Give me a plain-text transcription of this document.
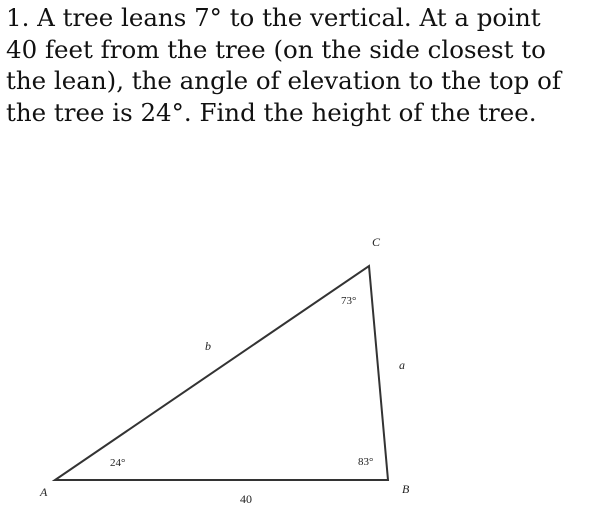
1. A tree leans 7° to the vertical. At a point
40 feet from the tree (on the side closest to
the lean), the angle of elevation to the top of
the tree is 24°. Find the height of the tree.
A	B
C
b
a
40
24°	83°
73°
